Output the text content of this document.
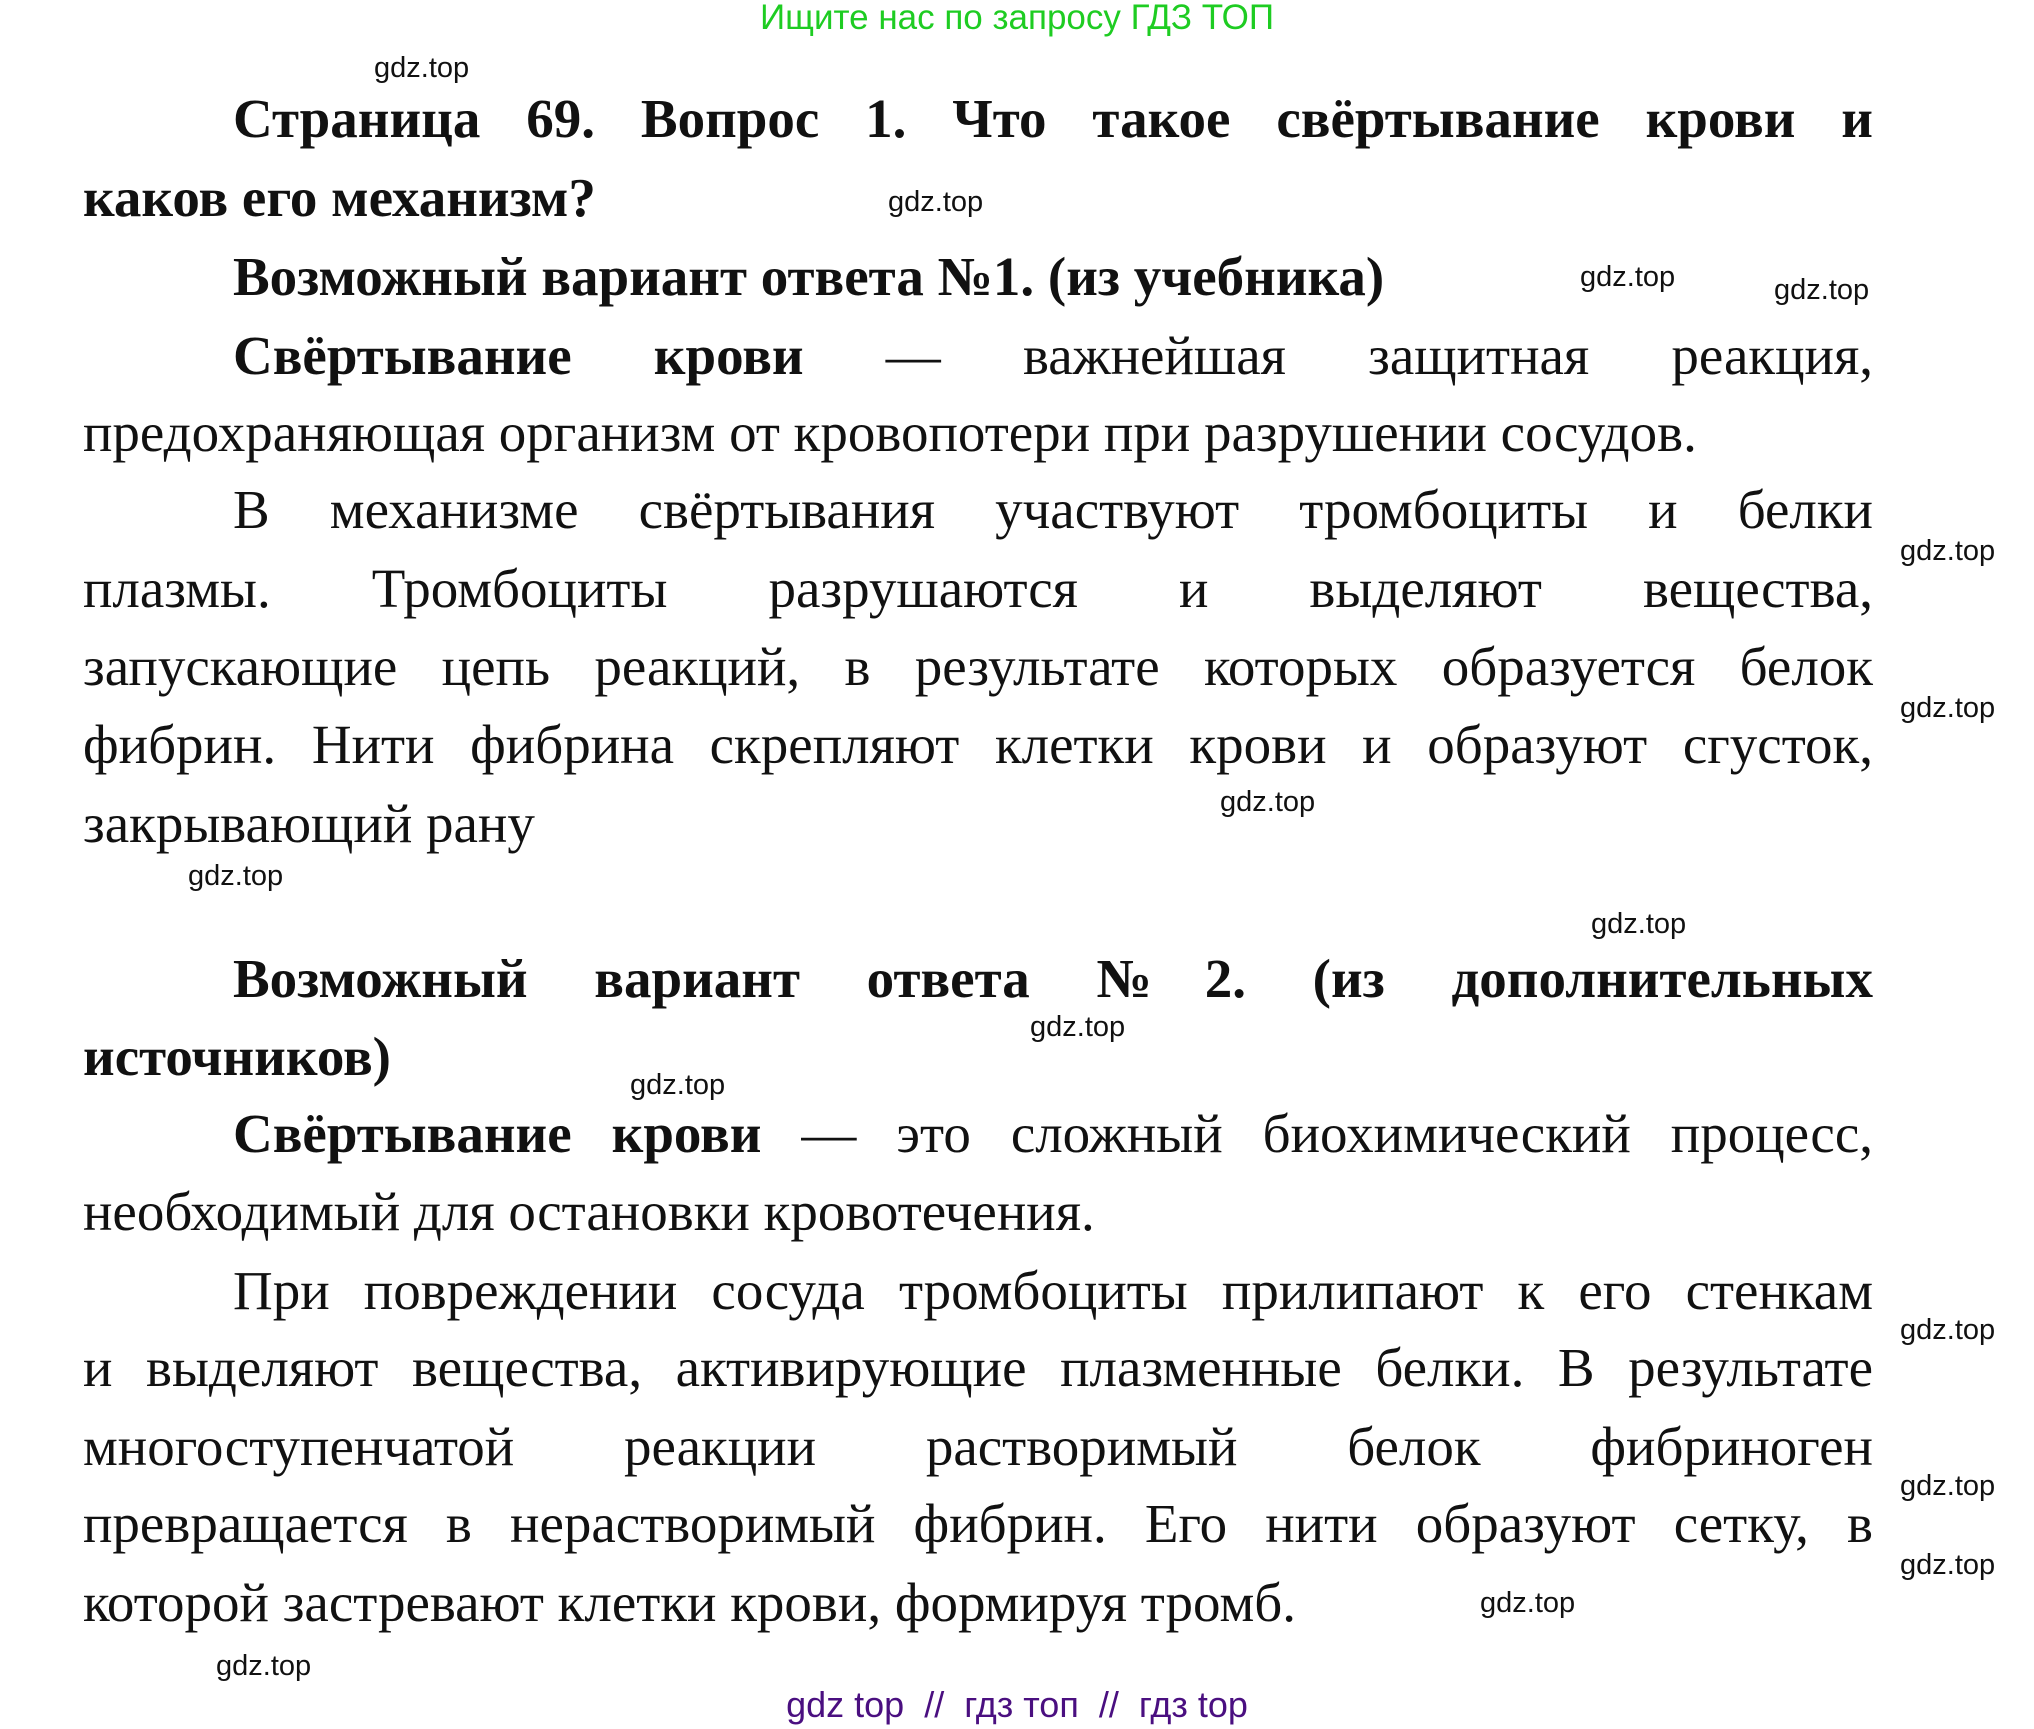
Ищите нас по запросу ГДЗ ТОП
Страница 69. Вопрос 1. Что такое свёртывание крови и
каков его механизм?
Возможный вариант ответа №1. (из учебника)
Свёртывание крови — важнейшая защитная реакция,
предохраняющая организм от кровопотери при разрушении сосудов.
В механизме свёртывания участвуют тромбоциты и белки
плазмы. Тромбоциты разрушаются и выделяют вещества,
запускающие цепь реакций, в результате которых образуется белок
фибрин. Нити фибрина скрепляют клетки крови и образуют сгусток,
закрывающий рану
Возможный вариант ответа №2. (из дополнительных
источников)
Свёртывание крови — это сложный биохимический процесс,
необходимый для остановки кровотечения.
При повреждении сосуда тромбоциты прилипают к его стенкам
и выделяют вещества, активирующие плазменные белки. В результате
многоступенчатой реакции растворимый белок фибриноген
превращается в нерастворимый фибрин. Его нити образуют сетку, в
которой застревают клетки крови, формируя тромб.
gdz.top
gdz.top
gdz.top	gdz.top
gdz.top
gdz.top
gdz.top
gdz.top
gdz.top
gdz.top
gdz.top
gdz.top
gdz.top
gdz.top
gdz.top
gdz.top
gdz top  //  гдз топ  //  гдз top
